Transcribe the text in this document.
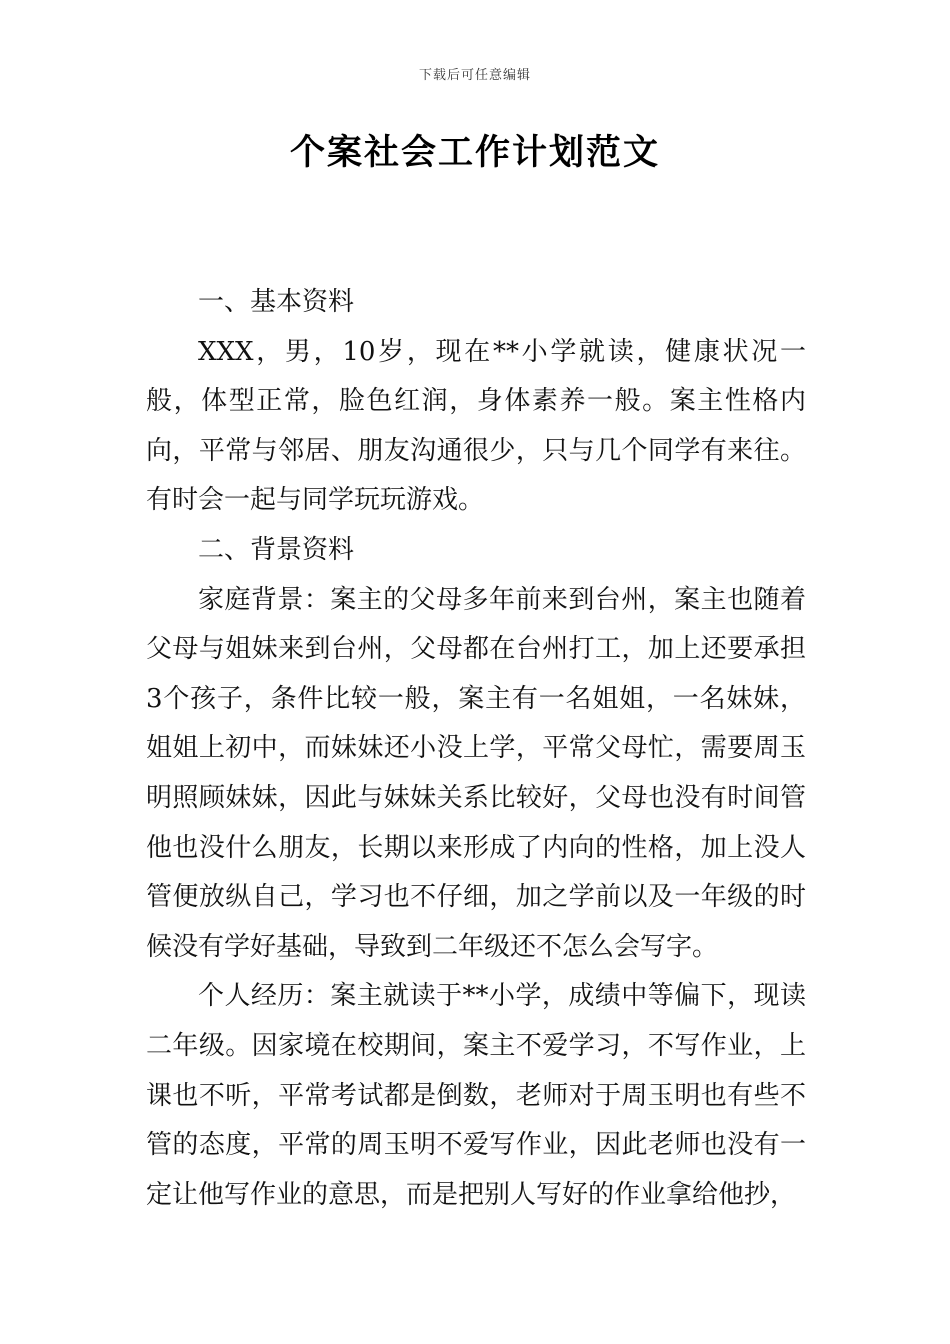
下载后可任意编辑
个案社会工作计划范文

一、基本资料

XXX，男，10岁，现在**小学就读，健康状况一般，体型正常，脸色红润，身体素养一般。案主性格内向，平常与邻居、朋友沟通很少，只与几个同学有来往。有时会一起与同学玩玩游戏。

二、背景资料

家庭背景：案主的父母多年前来到台州，案主也随着父母与姐妹来到台州，父母都在台州打工，加上还要承担3个孩子，条件比较一般，案主有一名姐姐，一名妹妹，姐姐上初中，而妹妹还小没上学，平常父母忙，需要周玉明照顾妹妹，因此与妹妹关系比较好，父母也没有时间管他也没什么朋友，长期以来形成了内向的性格，加上没人管便放纵自己，学习也不仔细，加之学前以及一年级的时候没有学好基础，导致到二年级还不怎么会写字。

个人经历：案主就读于**小学，成绩中等偏下，现读二年级。因家境在校期间，案主不爱学习，不写作业，上课也不听，平常考试都是倒数，老师对于周玉明也有些不管的态度，平常的周玉明不爱写作业，因此老师也没有一定让他写作业的意思，而是把别人写好的作业拿给他抄，
